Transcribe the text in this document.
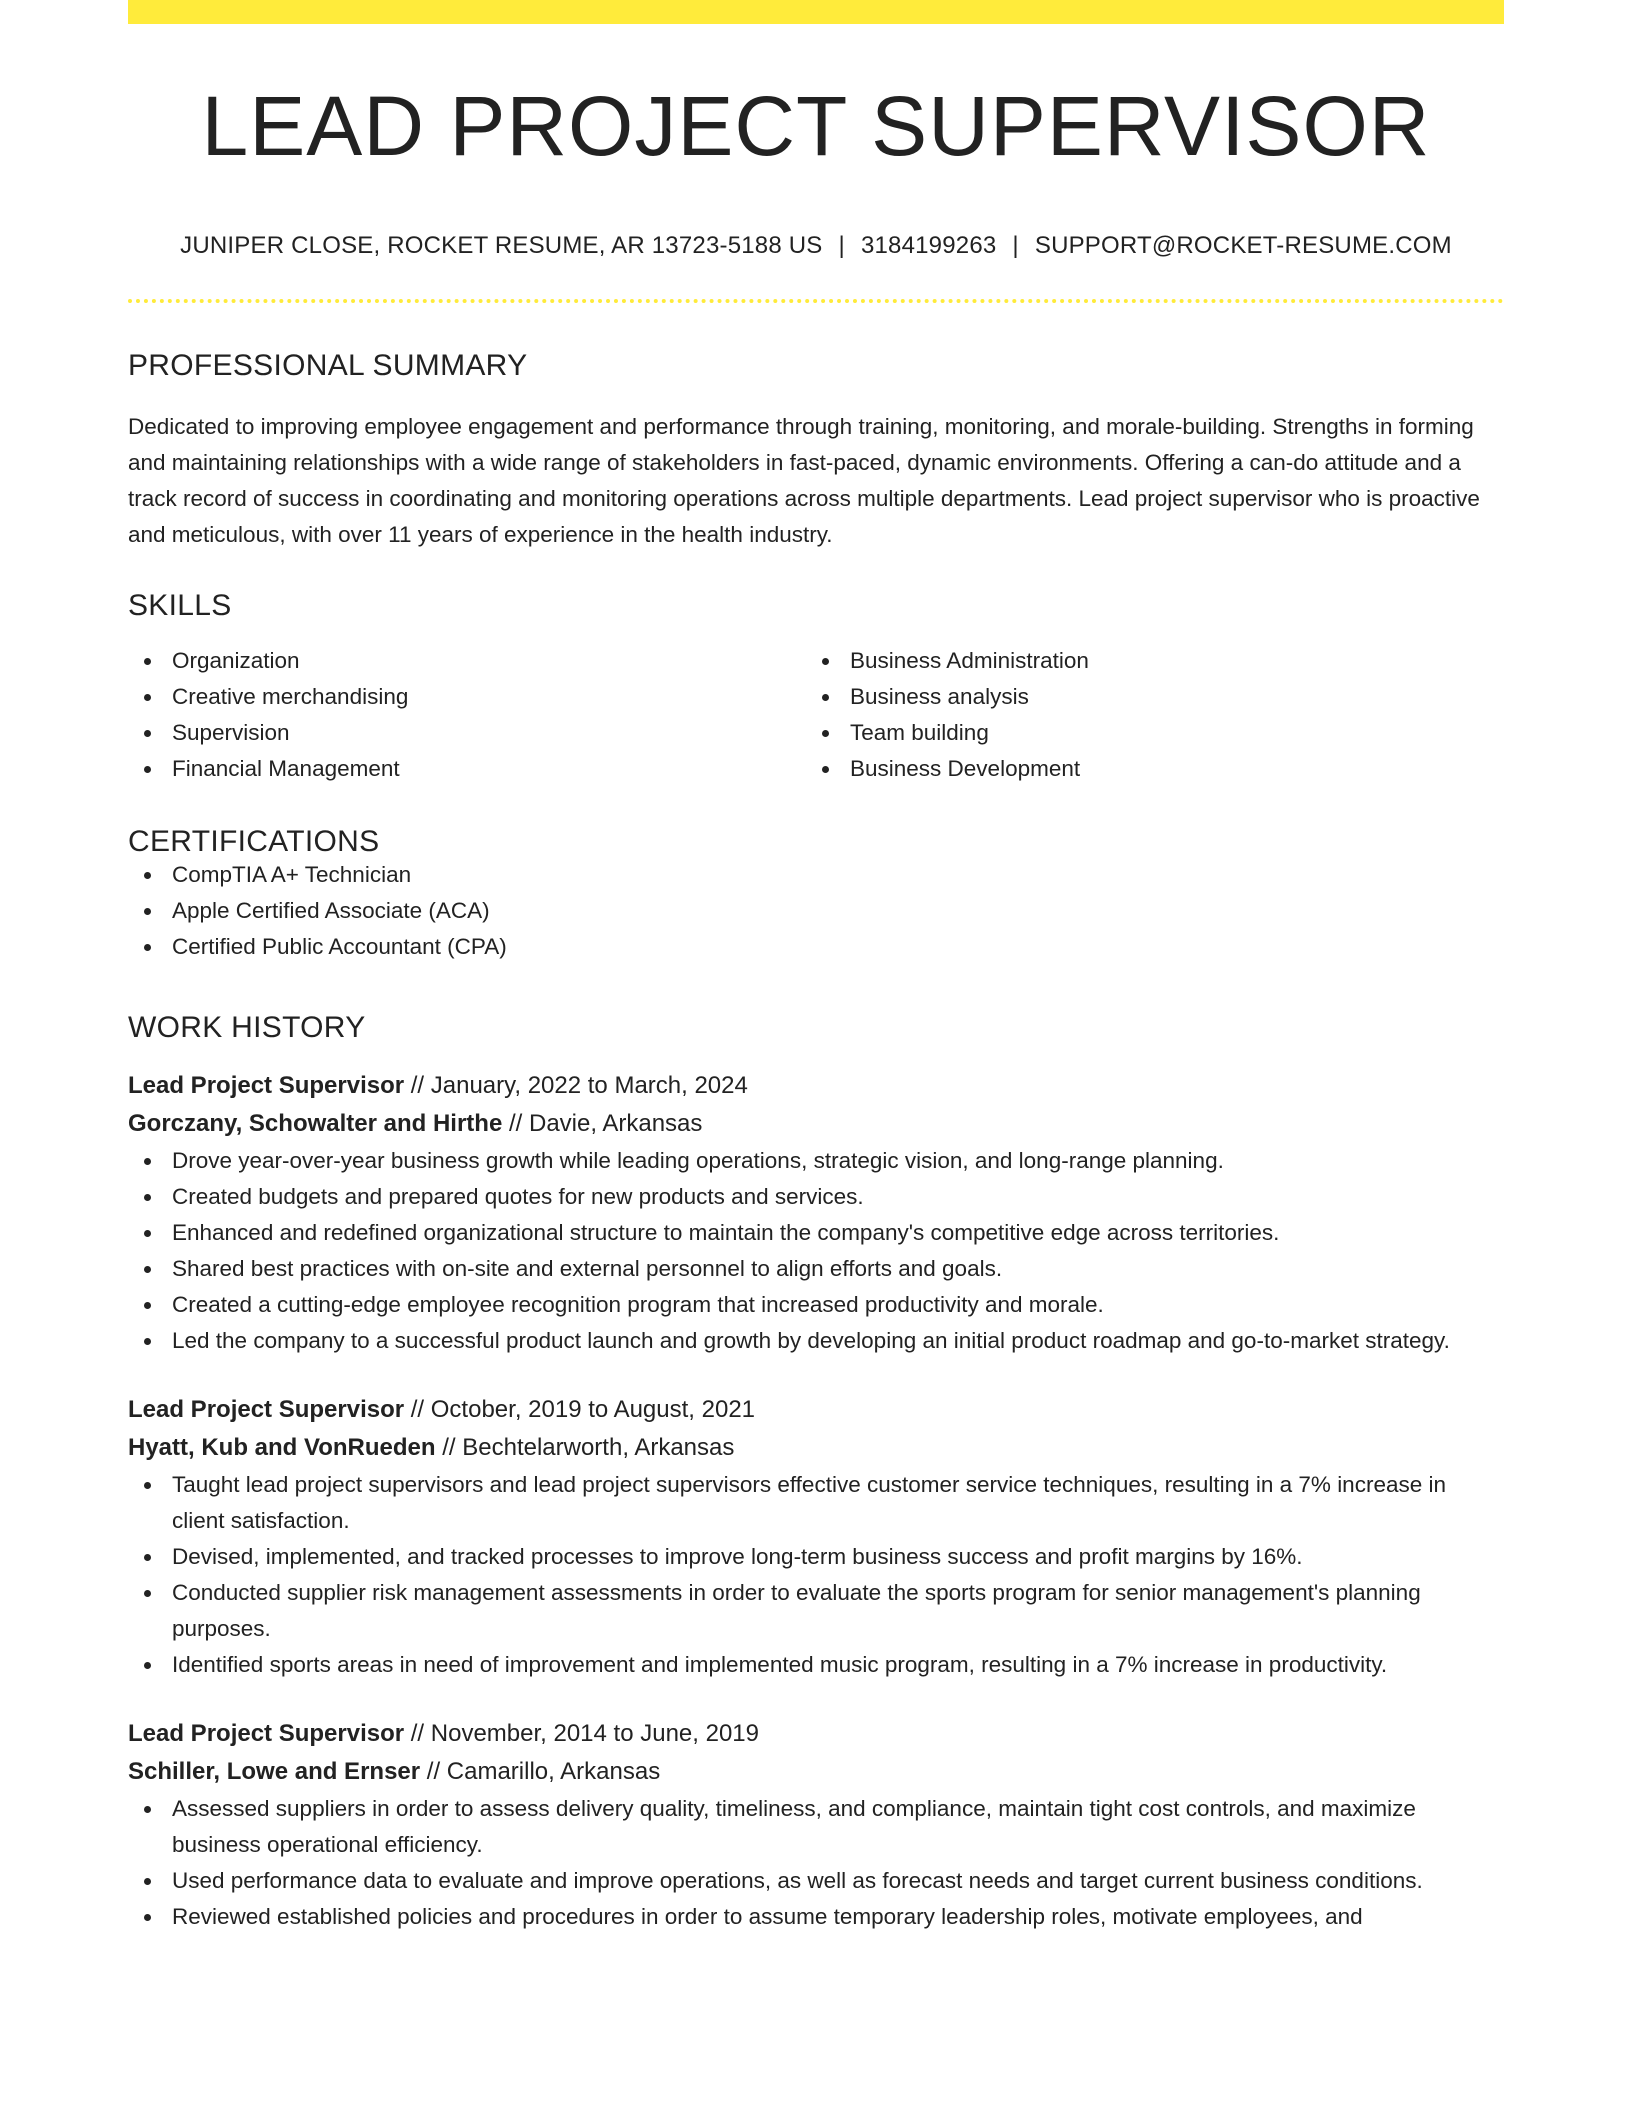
LEAD PROJECT SUPERVISOR
JUNIPER CLOSE, ROCKET RESUME, AR 13723-5188 US | 3184199263 | SUPPORT@ROCKET-RESUME.COM
PROFESSIONAL SUMMARY

Dedicated to improving employee engagement and performance through training, monitoring, and morale-building. Strengths in forming and maintaining relationships with a wide range of stakeholders in fast-paced, dynamic environments. Offering a can-do attitude and a track record of success in coordinating and monitoring operations across multiple departments. Lead project supervisor who is proactive and meticulous, with over 11 years of experience in the health industry.

SKILLS
Organization
Creative merchandising
Supervision
Financial Management
Business Administration
Business analysis
Team building
Business Development
CERTIFICATIONS
CompTIA A+ Technician
Apple Certified Associate (ACA)
Certified Public Accountant (CPA)
WORK HISTORY
Lead Project Supervisor // January, 2022 to March, 2024
Gorczany, Schowalter and Hirthe // Davie, Arkansas
Drove year-over-year business growth while leading operations, strategic vision, and long-range planning.
Created budgets and prepared quotes for new products and services.
Enhanced and redefined organizational structure to maintain the company's competitive edge across territories.
Shared best practices with on-site and external personnel to align efforts and goals.
Created a cutting-edge employee recognition program that increased productivity and morale.
Led the company to a successful product launch and growth by developing an initial product roadmap and go-to-market strategy.
Lead Project Supervisor // October, 2019 to August, 2021
Hyatt, Kub and VonRueden // Bechtelarworth, Arkansas
Taught lead project supervisors and lead project supervisors effective customer service techniques, resulting in a 7% increase in client satisfaction.
Devised, implemented, and tracked processes to improve long-term business success and profit margins by 16%.
Conducted supplier risk management assessments in order to evaluate the sports program for senior management's planning purposes.
Identified sports areas in need of improvement and implemented music program, resulting in a 7% increase in productivity.
Lead Project Supervisor // November, 2014 to June, 2019
Schiller, Lowe and Ernser // Camarillo, Arkansas
Assessed suppliers in order to assess delivery quality, timeliness, and compliance, maintain tight cost controls, and maximize business operational efficiency.
Used performance data to evaluate and improve operations, as well as forecast needs and target current business conditions.
Reviewed established policies and procedures in order to assume temporary leadership roles, motivate employees, and
